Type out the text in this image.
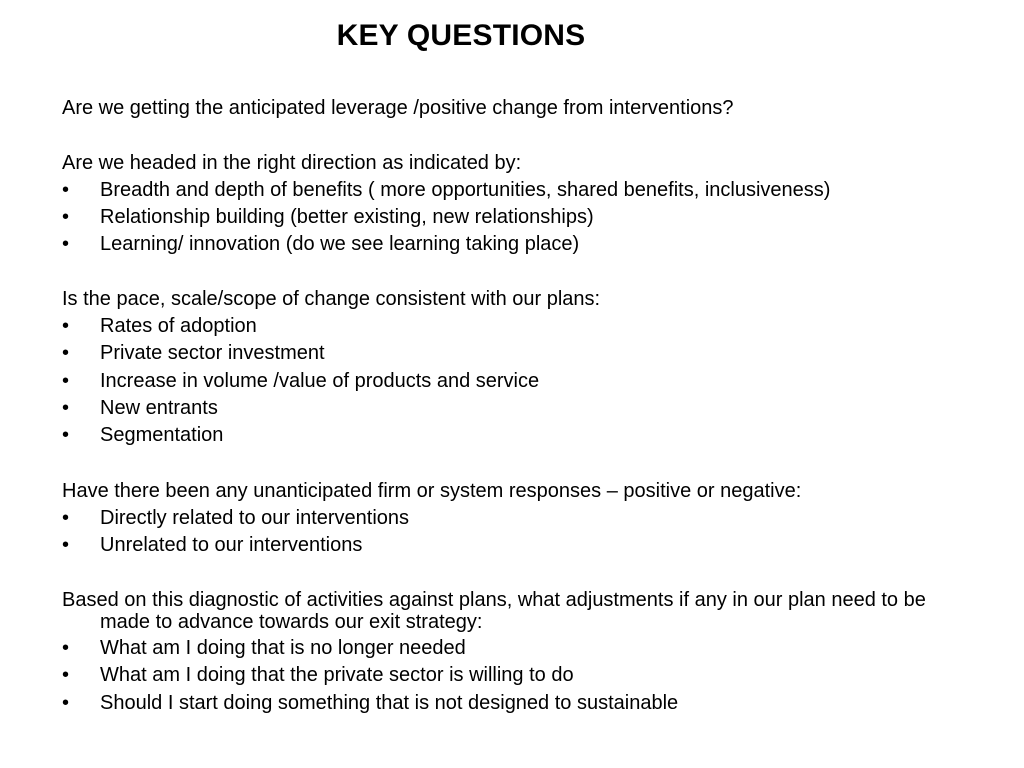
KEY QUESTIONS
Are we getting the anticipated leverage /positive change from interventions?
Are we headed in the right direction as indicated by:
•	Breadth and depth of benefits ( more opportunities, shared benefits, inclusiveness)
•	Relationship building (better existing, new relationships)
•	Learning/ innovation (do we see learning taking place)
Is the pace, scale/scope of change consistent with our plans:
•	Rates of adoption
•	Private sector investment
•	Increase in volume /value of products and service
•	New entrants
•	Segmentation
Have there been any unanticipated firm or system responses – positive or negative:
•	Directly related to our interventions
•	Unrelated to our interventions
Based on this diagnostic of activities against plans, what adjustments if any in our plan need to be made to advance towards our exit strategy:
•	What am I doing that is no longer needed
•	What am I doing that the private sector is willing to do
•	Should I start doing something that is not designed to sustainable
